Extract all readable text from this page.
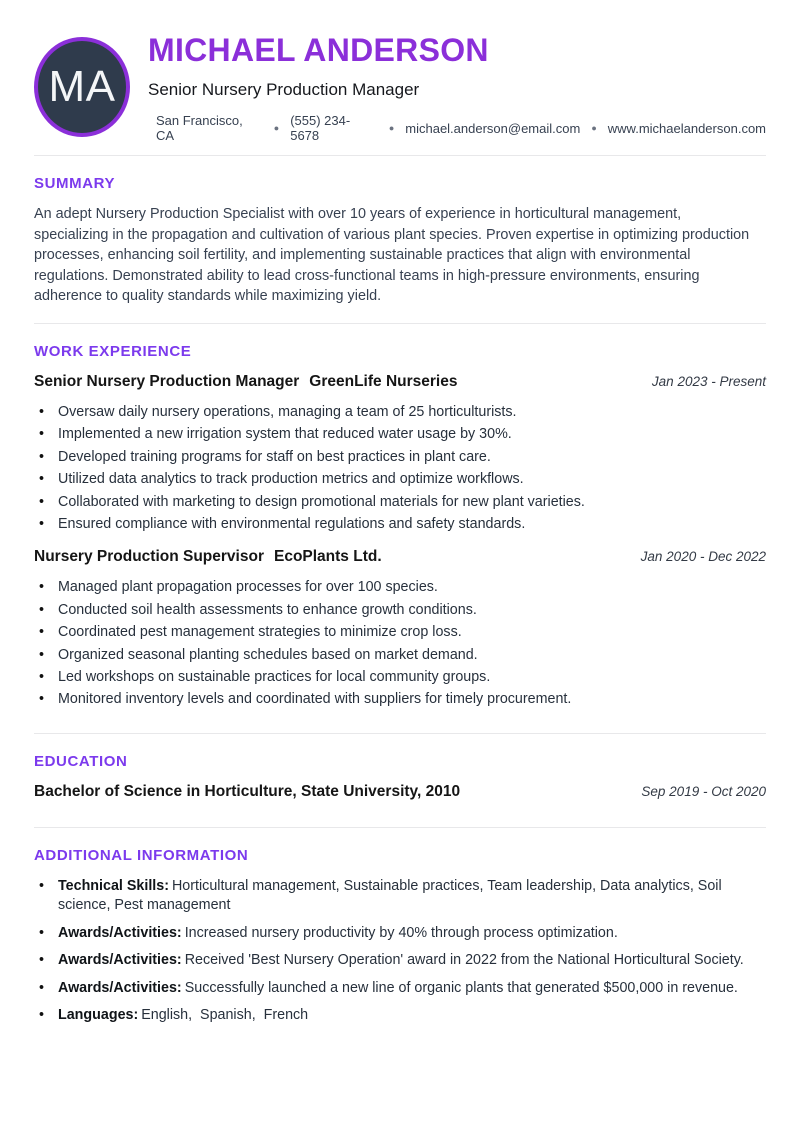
MA
MICHAEL ANDERSON
Senior Nursery Production Manager
San Francisco, CA	● (555) 234-5678	● michael.anderson@email.com ● www.michaelanderson.com
SUMMARY
An adept Nursery Production Specialist with over 10 years of experience in horticultural management, specializing in the propagation and cultivation of various plant species. Proven expertise in optimizing production processes, enhancing soil fertility, and implementing sustainable practices that align with environmental regulations. Demonstrated ability to lead cross-functional teams in high-pressure environments, ensuring adherence to quality standards while maximizing yield.
WORK EXPERIENCE
Senior Nursery Production Manager GreenLife Nurseries	Jan 2023 - Present
•
Oversaw daily nursery operations, managing a team of 25 horticulturists.
•
Implemented a new irrigation system that reduced water usage by 30%.
•
Developed training programs for staff on best practices in plant care.
•
Utilized data analytics to track production metrics and optimize workflows.
•
Collaborated with marketing to design promotional materials for new plant varieties.
•
Ensured compliance with environmental regulations and safety standards.
Nursery Production Supervisor EcoPlants Ltd.	Jan 2020 - Dec 2022
•
Managed plant propagation processes for over 100 species.
•
Conducted soil health assessments to enhance growth conditions.
•
Coordinated pest management strategies to minimize crop loss.
•
Organized seasonal planting schedules based on market demand.
•
Led workshops on sustainable practices for local community groups.
•
Monitored inventory levels and coordinated with suppliers for timely procurement.
EDUCATION
Bachelor of Science in Horticulture, State University, 2010	Sep 2019 - Oct 2020
ADDITIONAL INFORMATION
•
Technical Skills: Horticultural management, Sustainable practices, Team leadership, Data analytics, Soil science, Pest management
•
Awards/Activities: Increased nursery productivity by 40% through process optimization.
•
Awards/Activities: Received 'Best Nursery Operation' award in 2022 from the National Horticultural Society.
•
Awards/Activities: Successfully launched a new line of organic plants that generated $500,000 in revenue.
•
Languages: English,  Spanish,  French
